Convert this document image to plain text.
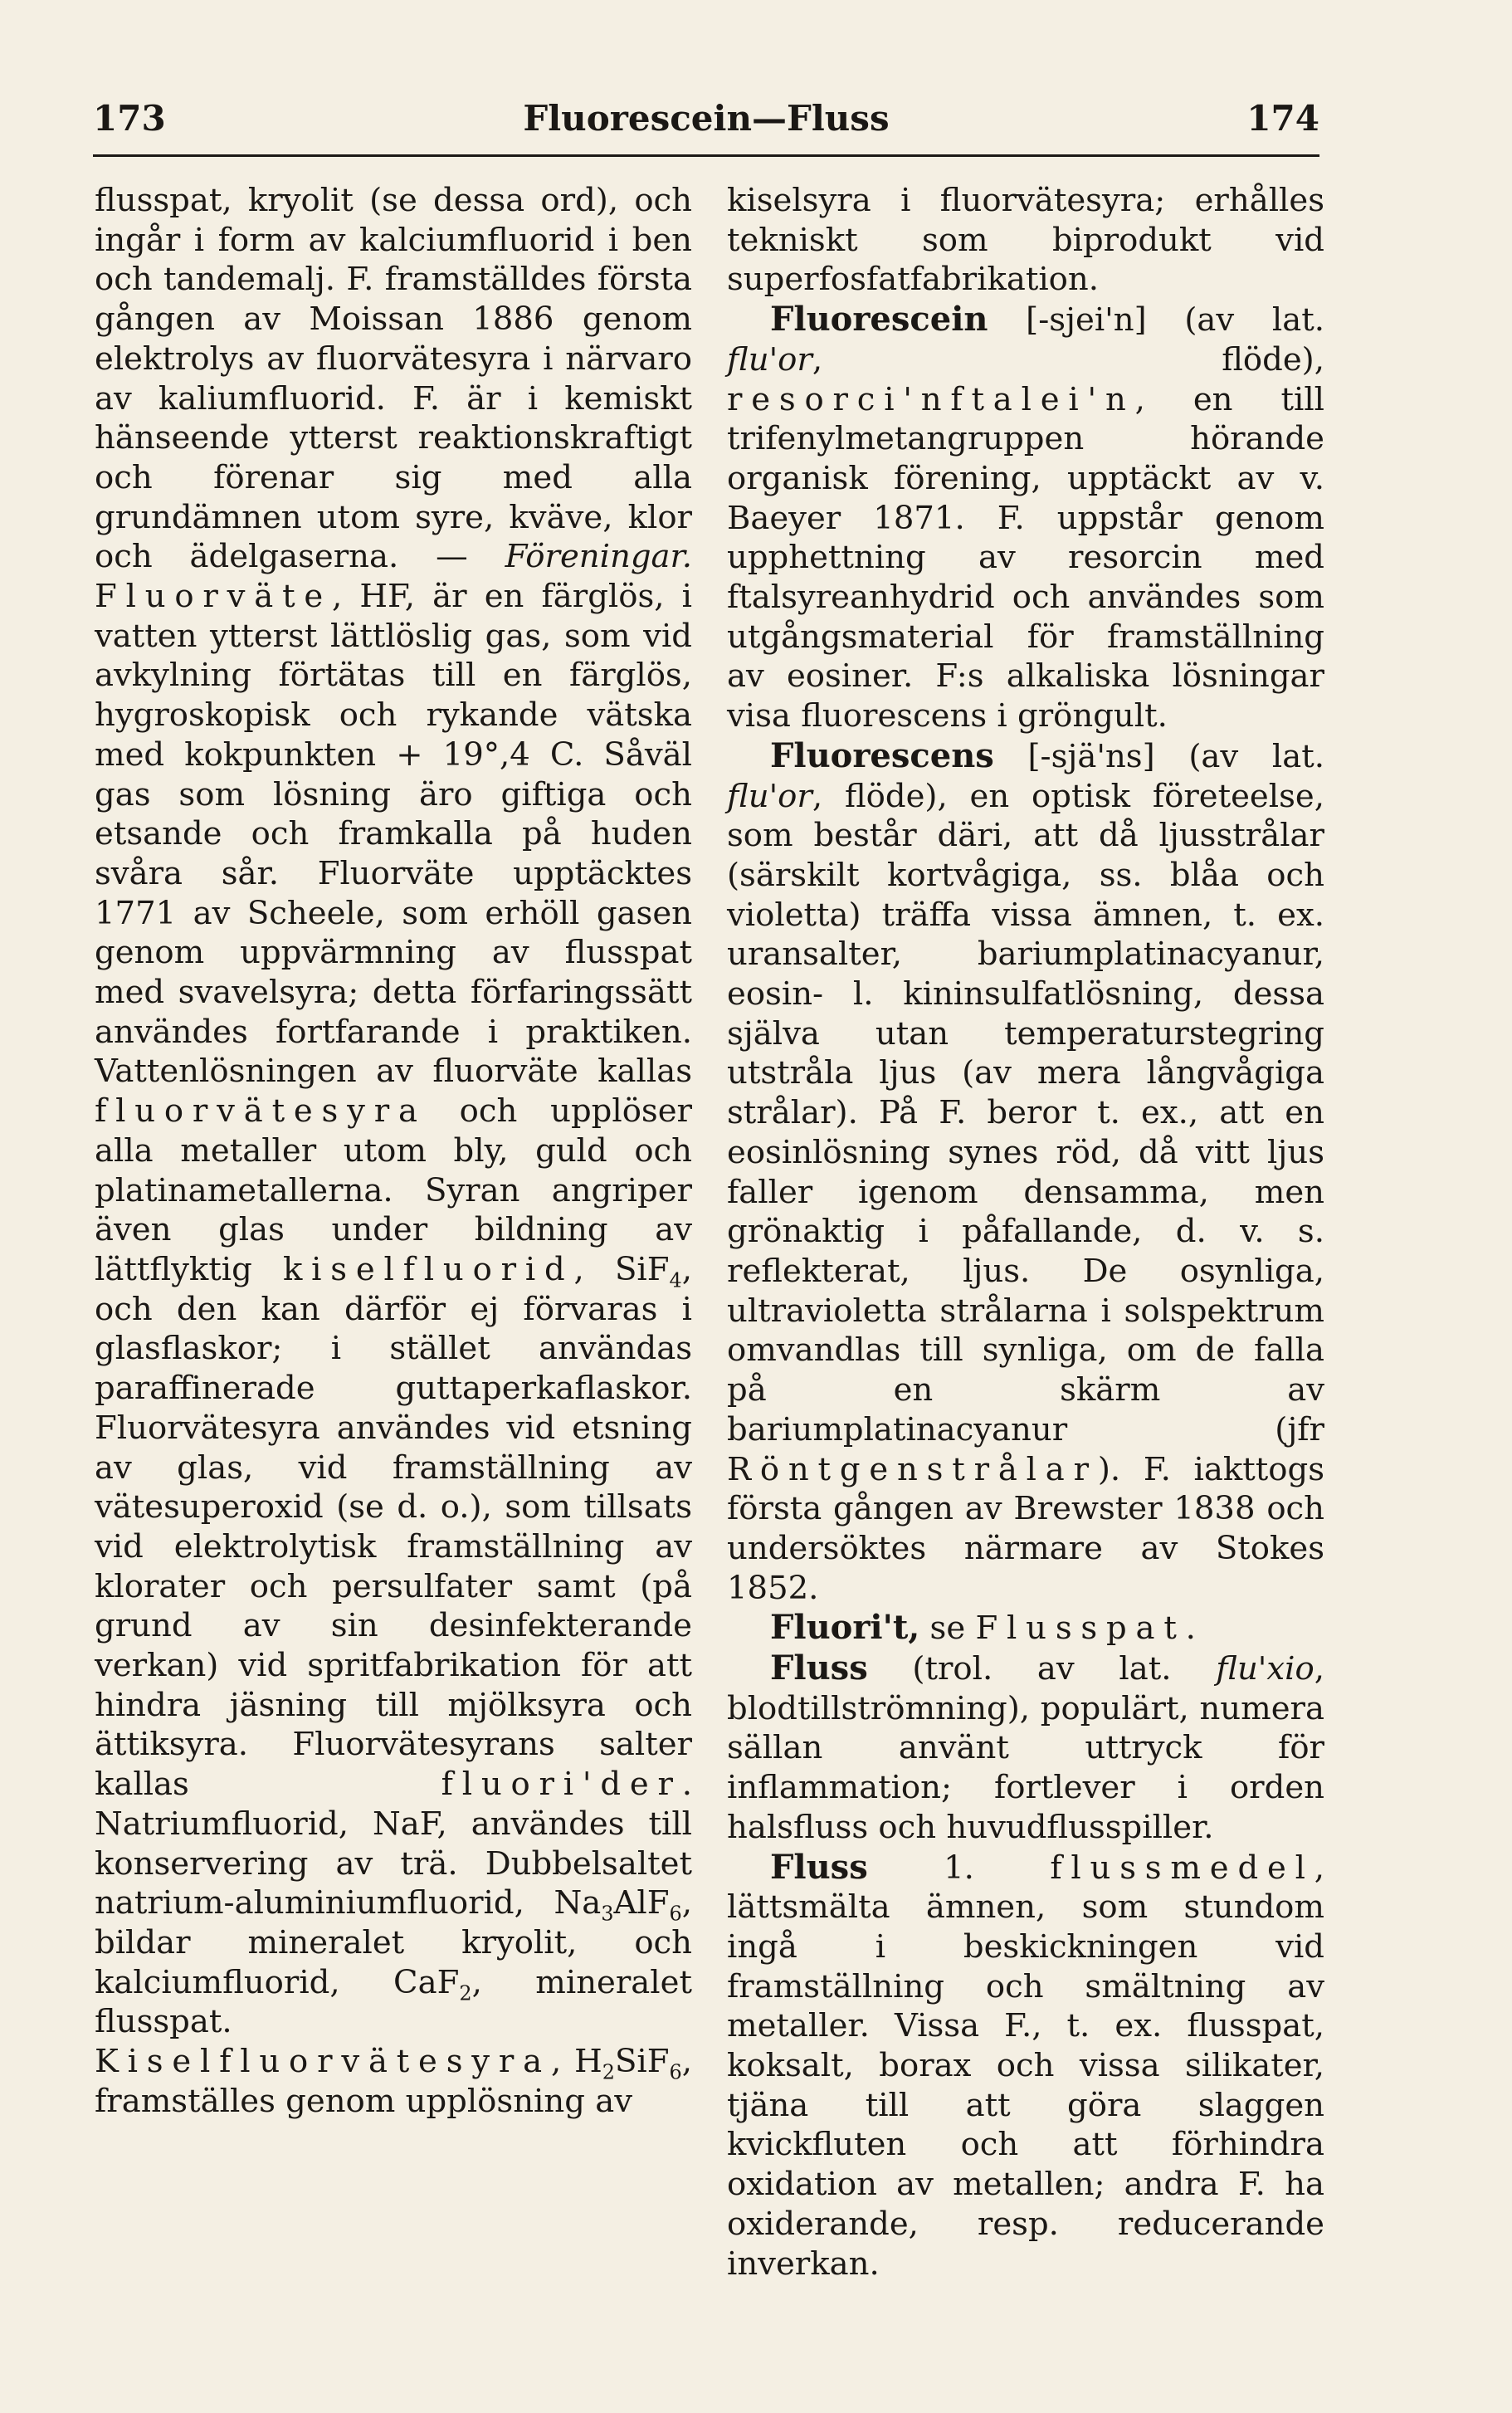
173	Fluorescein—Fluss	174

flusspat, kryolit (se dessa ord), och ingår i form av kalciumfluorid i ben och tandemalj. F. framställdes första gången av Moissan 1886 genom elektrolys av fluorvätesyra i närvaro av kaliumfluorid. F. är i kemiskt hänseende ytterst reaktionskraftigt och förenar sig med alla grundämnen utom syre, kväve, klor och ädelgaserna. — Föreningar. Fluorväte, HF, är en färglös, i vatten ytterst lättlöslig gas, som vid avkylning förtätas till en färglös, hygroskopisk och rykande vätska med kokpunkten + 19°,4 C. Såväl gas som lösning äro giftiga och etsande och framkalla på huden svåra sår. Fluorväte upptäcktes 1771 av Scheele, som erhöll gasen genom uppvärmning av flusspat med svavelsyra; detta förfaringssätt användes fortfarande i praktiken. Vattenlösningen av fluorväte kallas fluorvätesyra och upplöser alla metaller utom bly, guld och platinametallerna. Syran angriper även glas under bildning av lättflyktig kiselfluorid, SiF$_4$, och den kan därför ej förvaras i glasflaskor; i stället användas paraffinerade guttaperkaflaskor. Fluorvätesyra användes vid etsning av glas, vid framställning av vätesuperoxid (se d. o.), som tillsats vid elektrolytisk framställning av klorater och persulfater samt (på grund av sin desinfekterande verkan) vid spritfabrikation för att hindra jäsning till mjölksyra och ättiksyra. Fluorvätesyrans salter kallas fluori'der. Natriumfluorid, NaF, användes till konservering av trä. Dubbelsaltet natrium-aluminiumfluorid, $Na_3AlF_6$, bildar mineralet kryolit, och kalciumfluorid, CaF$_2$, mineralet flusspat. Kiselfluorvätesyra, $H_2SiF_6$, framställes genom upplösning av

kiselsyra i fluorvätesyra; erhålles tekniskt som biprodukt vid superfosfatfabrikation.

Fluorescein [-sjei'n] (av lat. flu'or, flöde), resorci'nftalei'n, en till trifenylmetangruppen hörande organisk förening, upptäckt av v. Baeyer 1871. F. uppstår genom upphettning av resorcin med ftalsyreanhydrid och användes som utgångsmaterial för framställning av eosiner. F:s alkaliska lösningar visa fluorescens i gröngult.

Fluorescens [-sjä'ns] (av lat. flu'or, flöde), en optisk företeelse, som består däri, att då ljusstrålar (särskilt kortvågiga, ss. blåa och violetta) träffa vissa ämnen, t. ex. uransalter, bariumplatinacyanur, eosin- l. kininsulfatlösning, dessa själva utan temperaturstegring utstråla ljus (av mera långvågiga strålar). På F. beror t. ex., att en eosinlösning synes röd, då vitt ljus faller igenom densamma, men grönaktig i påfallande, d. v. s. reflekterat, ljus. De osynliga, ultravioletta strålarna i solspektrum omvandlas till synliga, om de falla på en skärm av bariumplatinacyanur (jfr Röntgenstrålar). F. iakttogs första gången av Brewster 1838 och undersöktes närmare av Stokes 1852.

Fluori't, se Flusspat.

Fluss (trol. av lat. flu'xio, blodtillströmning), populärt, numera sällan använt uttryck för inflammation; fortlever i orden halsfluss och huvudflusspiller.

Fluss 1. flussmedel, lättsmälta ämnen, som stundom ingå i beskickningen vid framställning och smältning av metaller. Vissa F., t. ex. flusspat, koksalt, borax och vissa silikater, tjäna till att göra slaggen kvickfluten och att förhindra oxidation av metallen; andra F. ha oxiderande, resp. reducerande inverkan.
